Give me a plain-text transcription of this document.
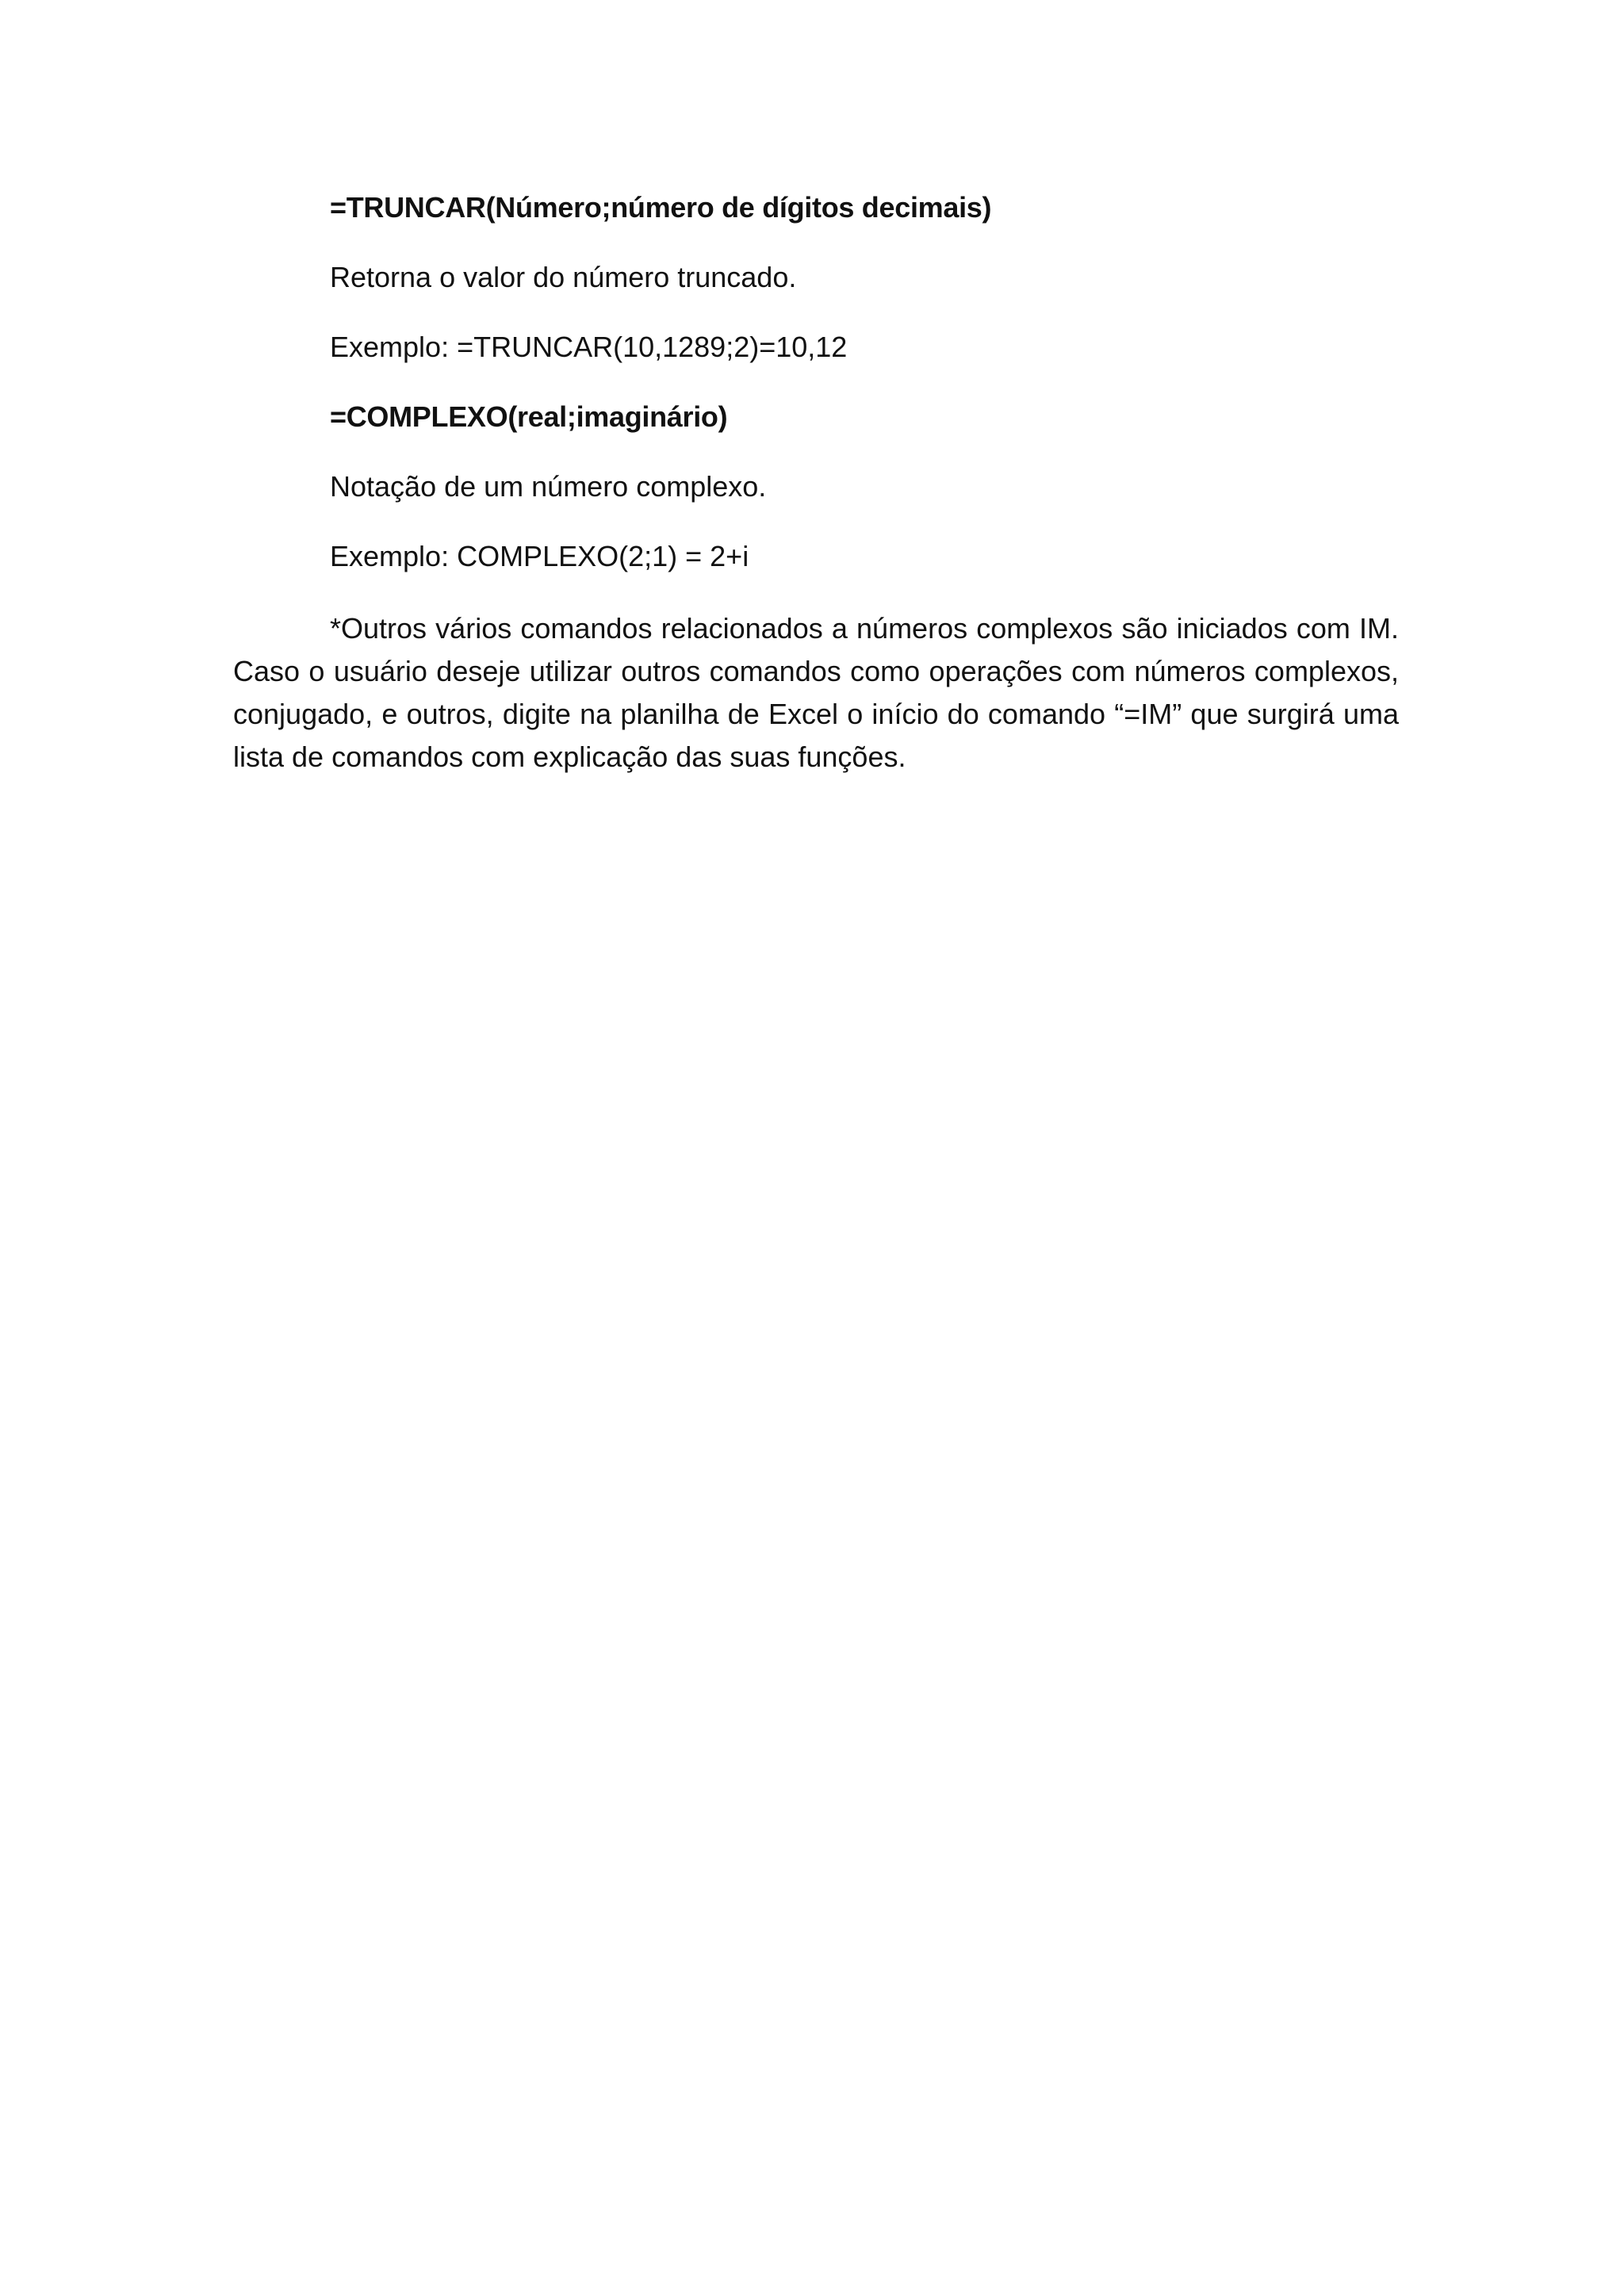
=TRUNCAR(Número;número de dígitos decimais)

Retorna o valor do número truncado.

Exemplo: =TRUNCAR(10,1289;2)=10,12

=COMPLEXO(real;imaginário)

Notação de um número complexo.

Exemplo: COMPLEXO(2;1) = 2+i

*Outros vários comandos relacionados a números complexos são iniciados com IM. Caso o usuário deseje utilizar outros comandos como operações com números complexos, conjugado, e outros, digite na planilha de Excel o início do comando “=IM” que surgirá uma lista de comandos com explicação das suas funções.
